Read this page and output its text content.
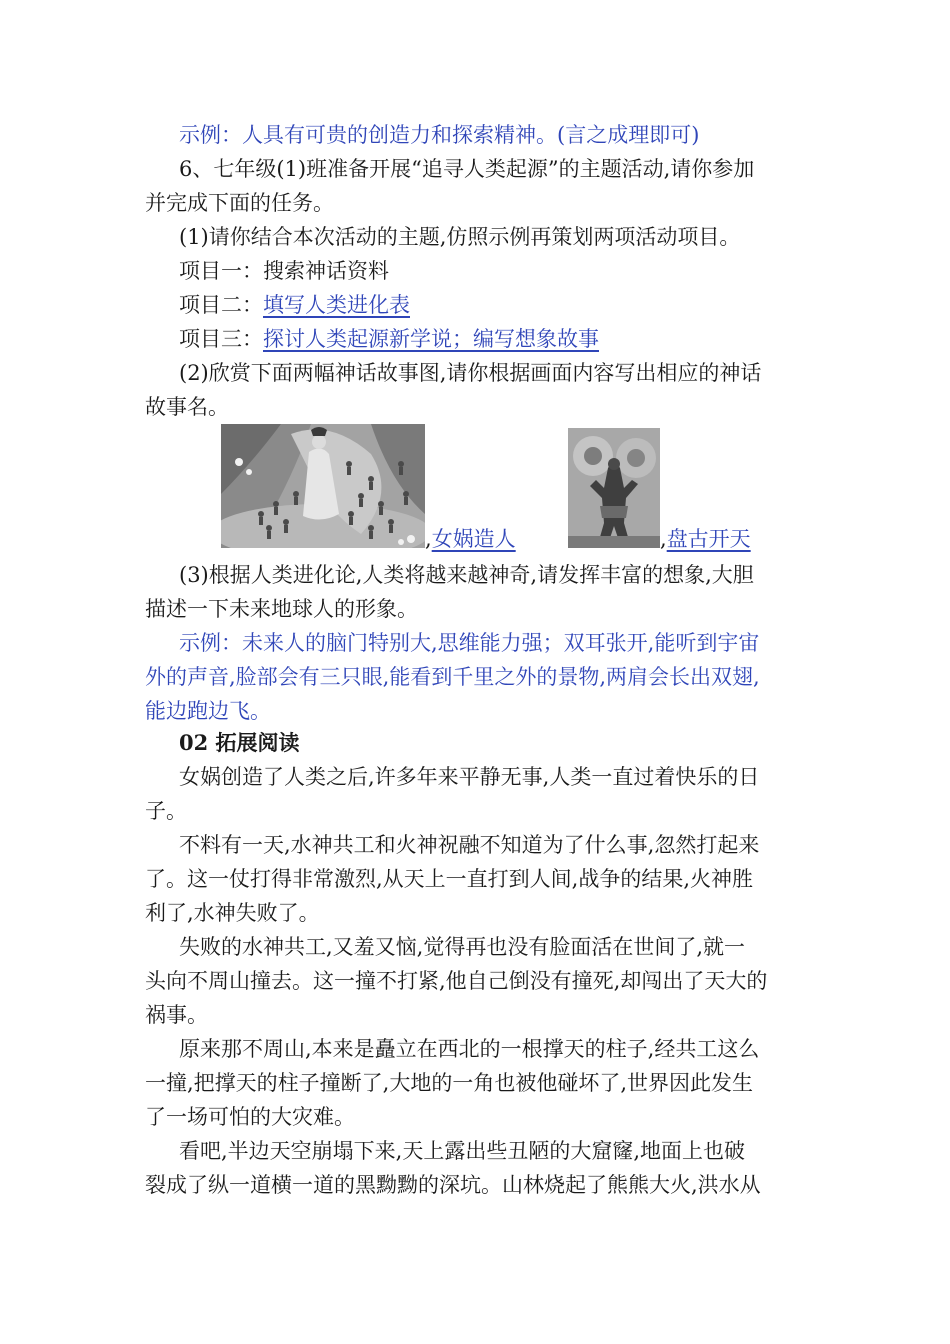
示例：人具有可贵的创造力和探索精神。(言之成理即可)
6、七年级(1)班准备开展“追寻人类起源”的主题活动,请你参加
并完成下面的任务。
(1)请你结合本次活动的主题,仿照示例再策划两项活动项目。
项目一：搜索神话资料
项目二：填写人类进化表
项目三：探讨人类起源新学说；编写想象故事
(2)欣赏下面两幅神话故事图,请你根据画面内容写出相应的神话
故事名。
,女娲造人	,盘古开天
(3)根据人类进化论,人类将越来越神奇,请发挥丰富的想象,大胆
描述一下未来地球人的形象。
示例：未来人的脑门特别大,思维能力强；双耳张开,能听到宇宙
外的声音,脸部会有三只眼,能看到千里之外的景物,两肩会长出双翅,
能边跑边飞。
02 拓展阅读
女娲创造了人类之后,许多年来平静无事,人类一直过着快乐的日
子。
不料有一天,水神共工和火神祝融不知道为了什么事,忽然打起来
了。这一仗打得非常激烈,从天上一直打到人间,战争的结果,火神胜
利了,水神失败了。
失败的水神共工,又羞又恼,觉得再也没有脸面活在世间了,就一
头向不周山撞去。这一撞不打紧,他自己倒没有撞死,却闯出了天大的
祸事。
原来那不周山,本来是矗立在西北的一根撑天的柱子,经共工这么
一撞,把撑天的柱子撞断了,大地的一角也被他碰坏了,世界因此发生
了一场可怕的大灾难。
看吧,半边天空崩塌下来,天上露出些丑陋的大窟窿,地面上也破
裂成了纵一道横一道的黑黝黝的深坑。山林烧起了熊熊大火,洪水从
